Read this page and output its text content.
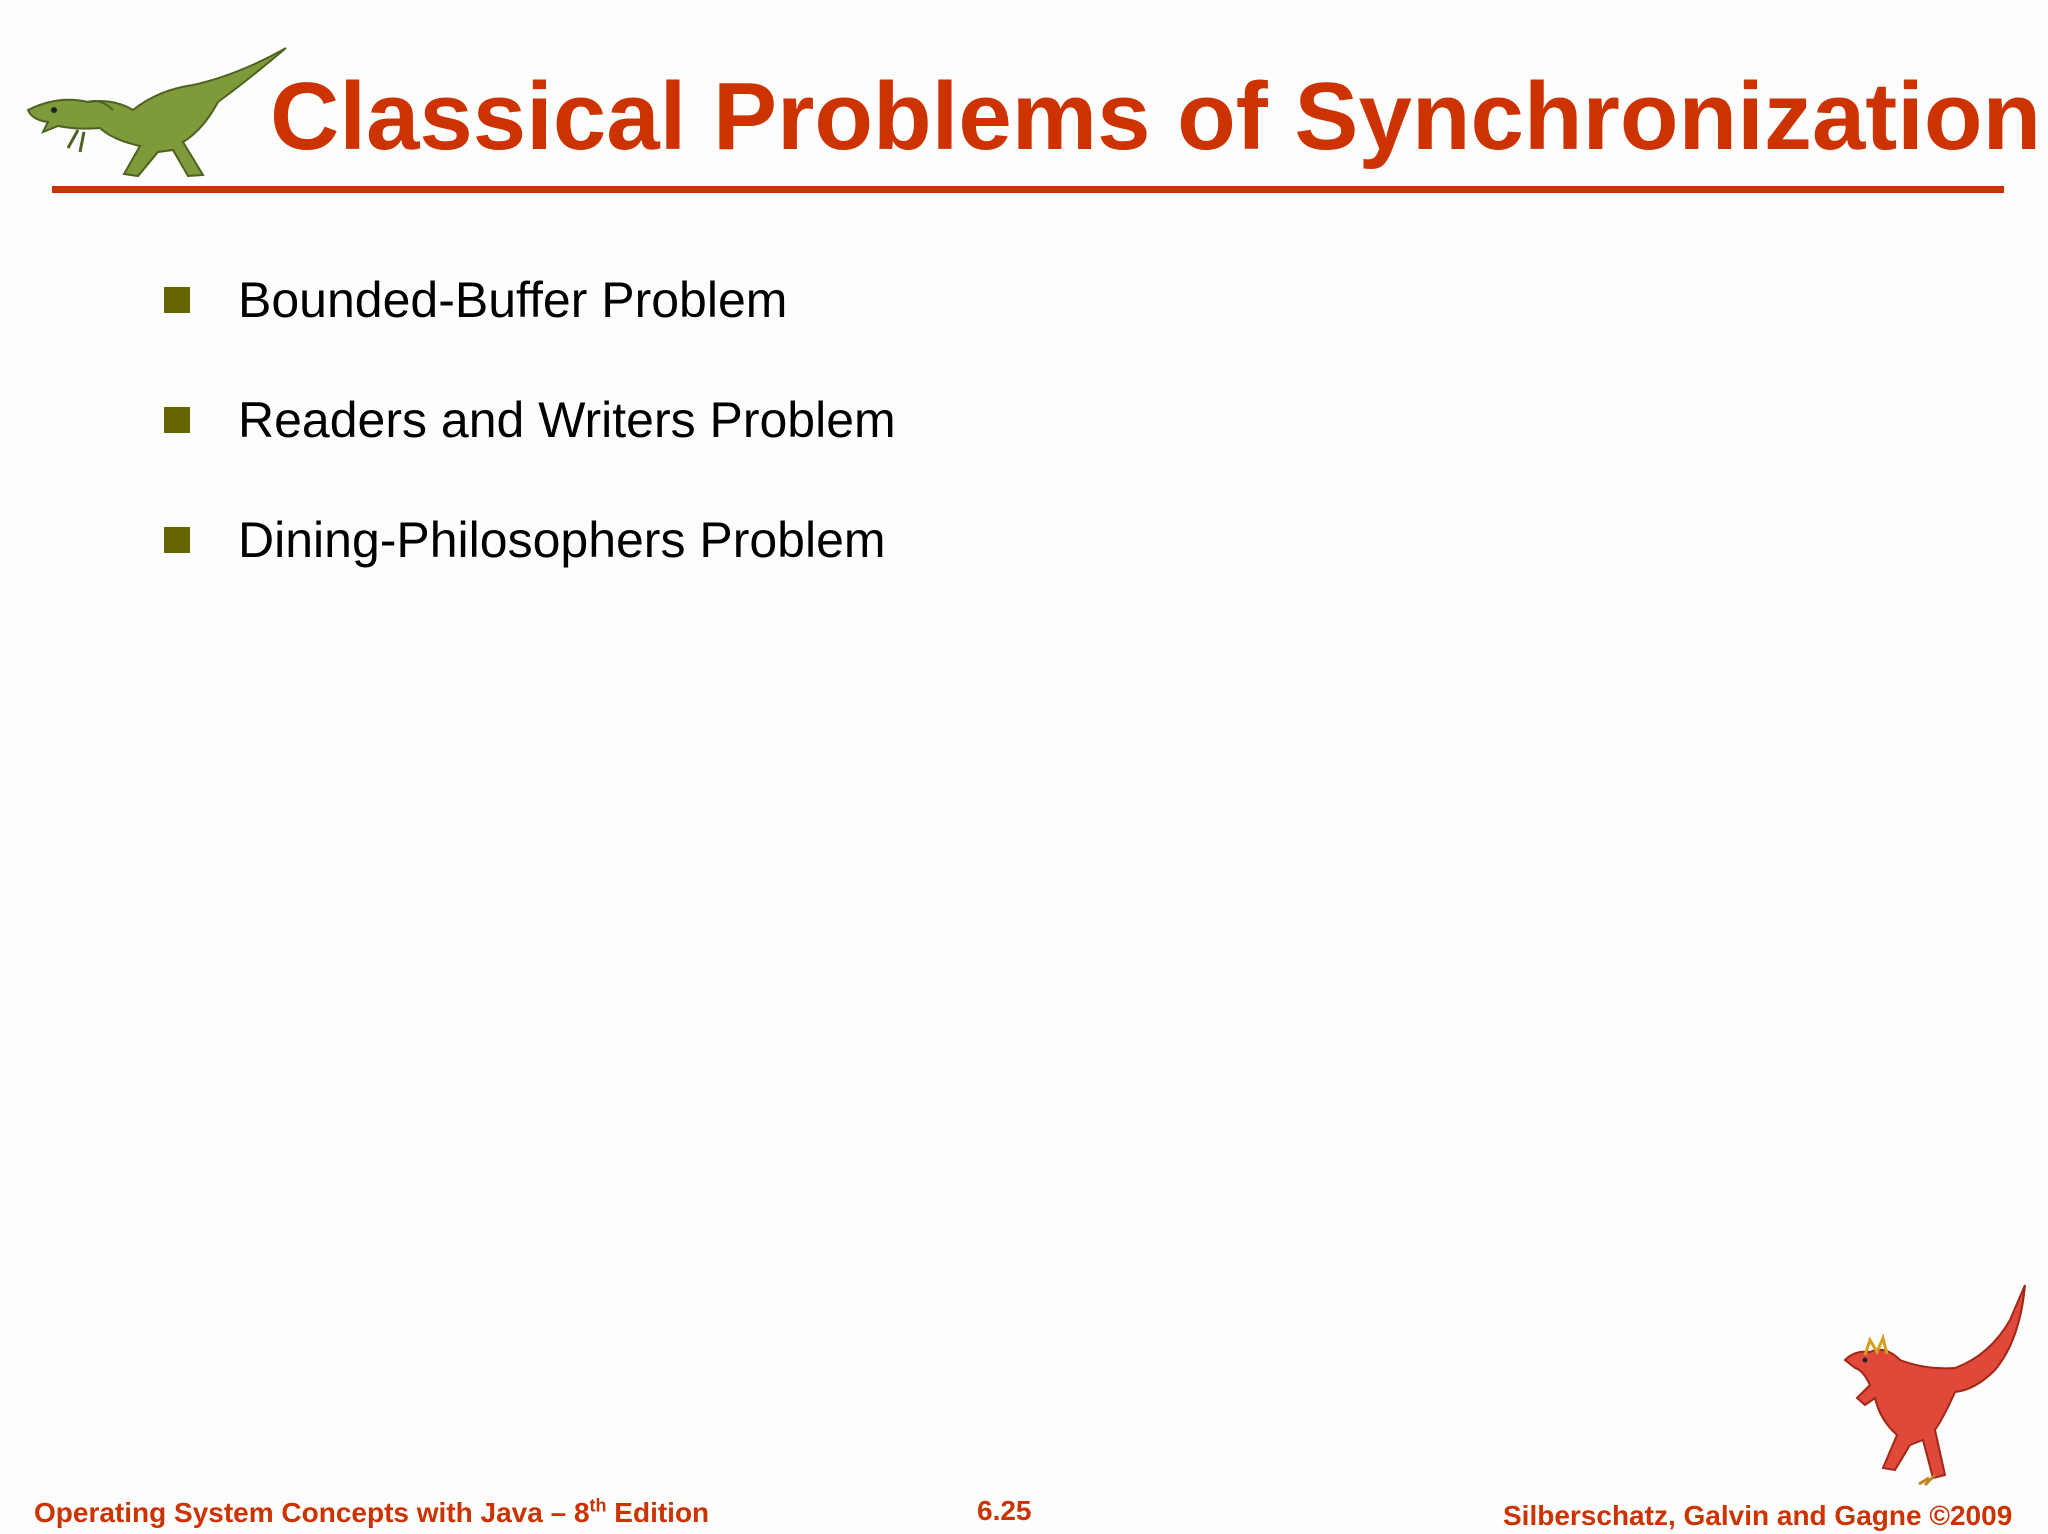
Classical Problems of Synchronization
Bounded-Buffer Problem
Readers and Writers Problem
Dining-Philosophers Problem
Operating System Concepts with Java – 8th Edition	6.25	Silberschatz, Galvin and Gagne ©2009
